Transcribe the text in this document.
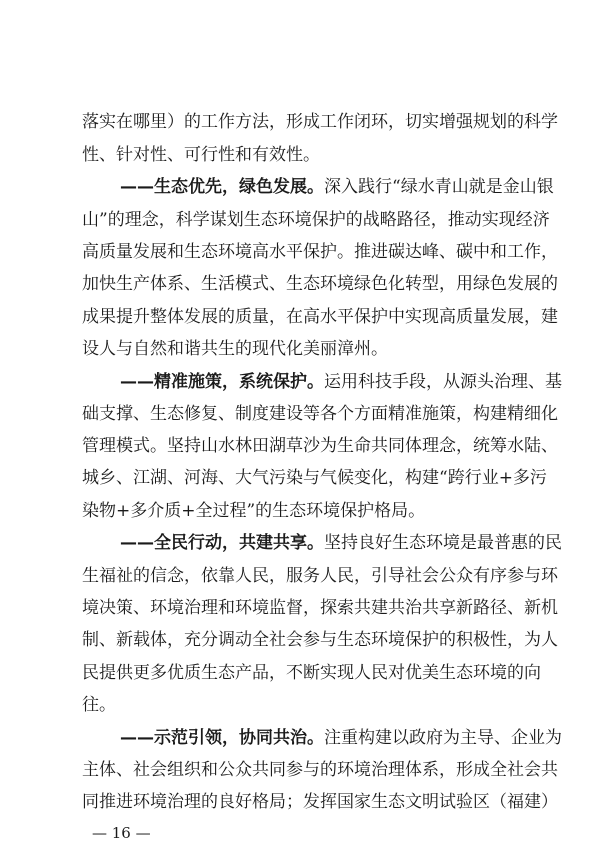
落实在哪里）的工作方法，形成工作闭环，切实增强规划的科学
性、针对性、可行性和有效性。
——生态优先，绿色发展。深入践行“绿水青山就是金山银
山”的理念，科学谋划生态环境保护的战略路径，推动实现经济
高质量发展和生态环境高水平保护。推进碳达峰、碳中和工作，
加快生产体系、生活模式、生态环境绿色化转型，用绿色发展的
成果提升整体发展的质量，在高水平保护中实现高质量发展，建
设人与自然和谐共生的现代化美丽漳州。
——精准施策，系统保护。运用科技手段，从源头治理、基
础支撑、生态修复、制度建设等各个方面精准施策，构建精细化
管理模式。坚持山水林田湖草沙为生命共同体理念，统筹水陆、
城乡、江湖、河海、大气污染与气候变化，构建“跨行业+多污
染物+多介质+全过程”的生态环境保护格局。
——全民行动，共建共享。坚持良好生态环境是最普惠的民
生福祉的信念，依靠人民，服务人民，引导社会公众有序参与环
境决策、环境治理和环境监督，探索共建共治共享新路径、新机
制、新载体，充分调动全社会参与生态环境保护的积极性，为人
民提供更多优质生态产品，不断实现人民对优美生态环境的向
往。
——示范引领，协同共治。注重构建以政府为主导、企业为
主体、社会组织和公众共同参与的环境治理体系，形成全社会共
同推进环境治理的良好格局；发挥国家生态文明试验区（福建）
— 16 —
